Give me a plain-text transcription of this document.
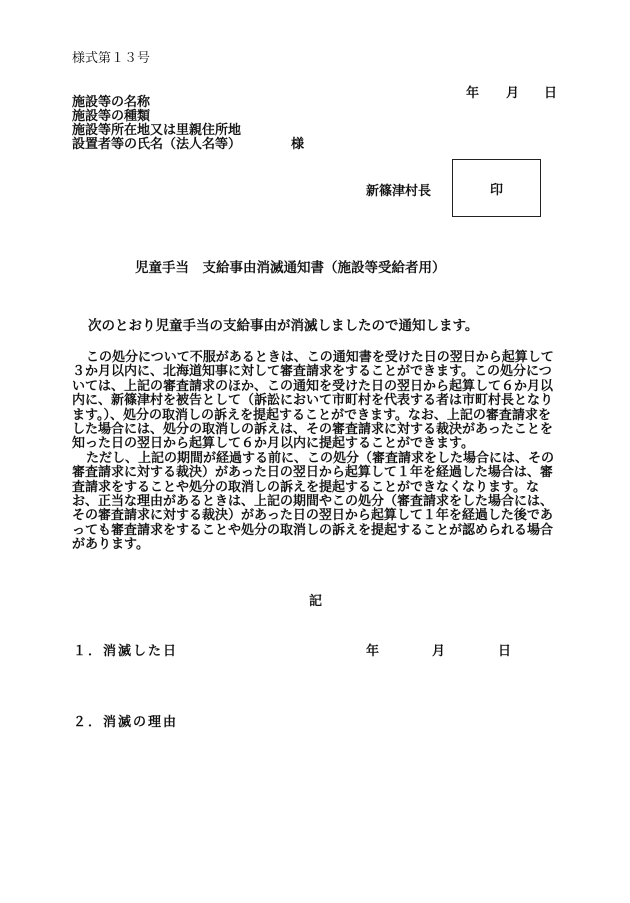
様式第１３号
年 月 日
施設等の名称
施設等の種類
施設等所在地又は里親住所地
設置者等の氏名（法人名等）	様
新篠津村長	印
児童手当　支給事由消滅通知書（施設等受給者用）
次のとおり児童手当の支給事由が消滅しましたので通知します。

この処分について不服があるときは、この通知書を受けた日の翌日から起算して３か月以内に、北海道知事に対して審査請求をすることができます。この処分については、上記の審査請求のほか、この通知を受けた日の翌日から起算して６か月以内に、新篠津村を被告として（訴訟において市町村を代表する者は市町村長となります。）、処分の取消しの訴えを提起することができます。なお、上記の審査請求をした場合には、処分の取消しの訴えは、その審査請求に対する裁決があったことを知った日の翌日から起算して６か月以内に提起することができます。

ただし、上記の期間が経過する前に、この処分（審査請求をした場合には、その審査請求に対する裁決）があった日の翌日から起算して１年を経過した場合は、審査請求をすることや処分の取消しの訴えを提起することができなくなります。なお、正当な理由があるときは、上記の期間やこの処分（審査請求をした場合には、その審査請求に対する裁決）があった日の翌日から起算して１年を経過した後であっても審査請求をすることや処分の取消しの訴えを提起することが認められる場合があります。

記
１．消滅した日	年	月	日
２．消滅の理由
